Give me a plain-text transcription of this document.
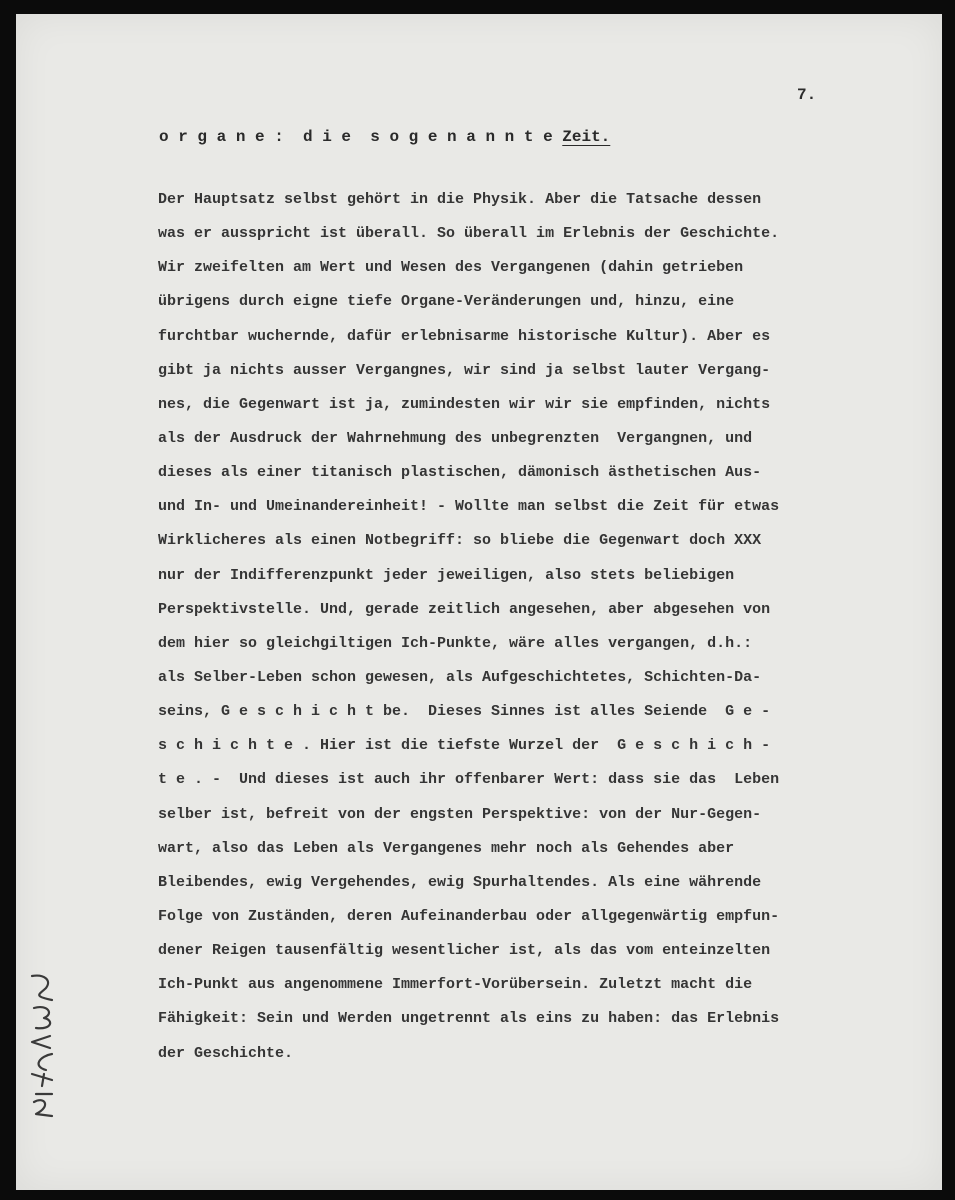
7.
o r g a n e :  d i e  s o g e n a n n t e Zeit.
Der Hauptsatz selbst gehört in die Physik. Aber die Tatsache dessen
was er ausspricht ist überall. So überall im Erlebnis der Geschichte.
Wir zweifelten am Wert und Wesen des Vergangenen (dahin getrieben
übrigens durch eigne tiefe Organe-Veränderungen und, hinzu, eine
furchtbar wuchernde, dafür erlebnisarme historische Kultur). Aber es
gibt ja nichts ausser Vergangnes, wir sind ja selbst lauter Vergang-
nes, die Gegenwart ist ja, zumindesten wir wir sie empfinden, nichts
als der Ausdruck der Wahrnehmung des unbegrenzten  Vergangnen, und
dieses als einer titanisch plastischen, dämonisch ästhetischen Aus-
und In- und Umeinandereinheit! - Wollte man selbst die Zeit für etwas
Wirklicheres als einen Notbegriff: so bliebe die Gegenwart doch XXX
nur der Indifferenzpunkt jeder jeweiligen, also stets beliebigen
Perspektivstelle. Und, gerade zeitlich angesehen, aber abgesehen von
dem hier so gleichgiltigen Ich-Punkte, wäre alles vergangen, d.h.:
als Selber-Leben schon gewesen, als Aufgeschichtetes, Schichten-Da-
seins, G e s c h i c h t be.  Dieses Sinnes ist alles Seiende  G e -
s c h i c h t e . Hier ist die tiefste Wurzel der  G e s c h i c h -
t e . -  Und dieses ist auch ihr offenbarer Wert: dass sie das  Leben
selber ist, befreit von der engsten Perspektive: von der Nur-Gegen-
wart, also das Leben als Vergangenes mehr noch als Gehendes aber
Bleibendes, ewig Vergehendes, ewig Spurhaltendes. Als eine währende
Folge von Zuständen, deren Aufeinanderbau oder allgegenwärtig empfun-
dener Reigen tausenfältig wesentlicher ist, als das vom enteinzelten
Ich-Punkt aus angenommene Immerfort-Vorübersein. Zuletzt macht die
Fähigkeit: Sein und Werden ungetrennt als eins zu haben: das Erlebnis
der Geschichte.
